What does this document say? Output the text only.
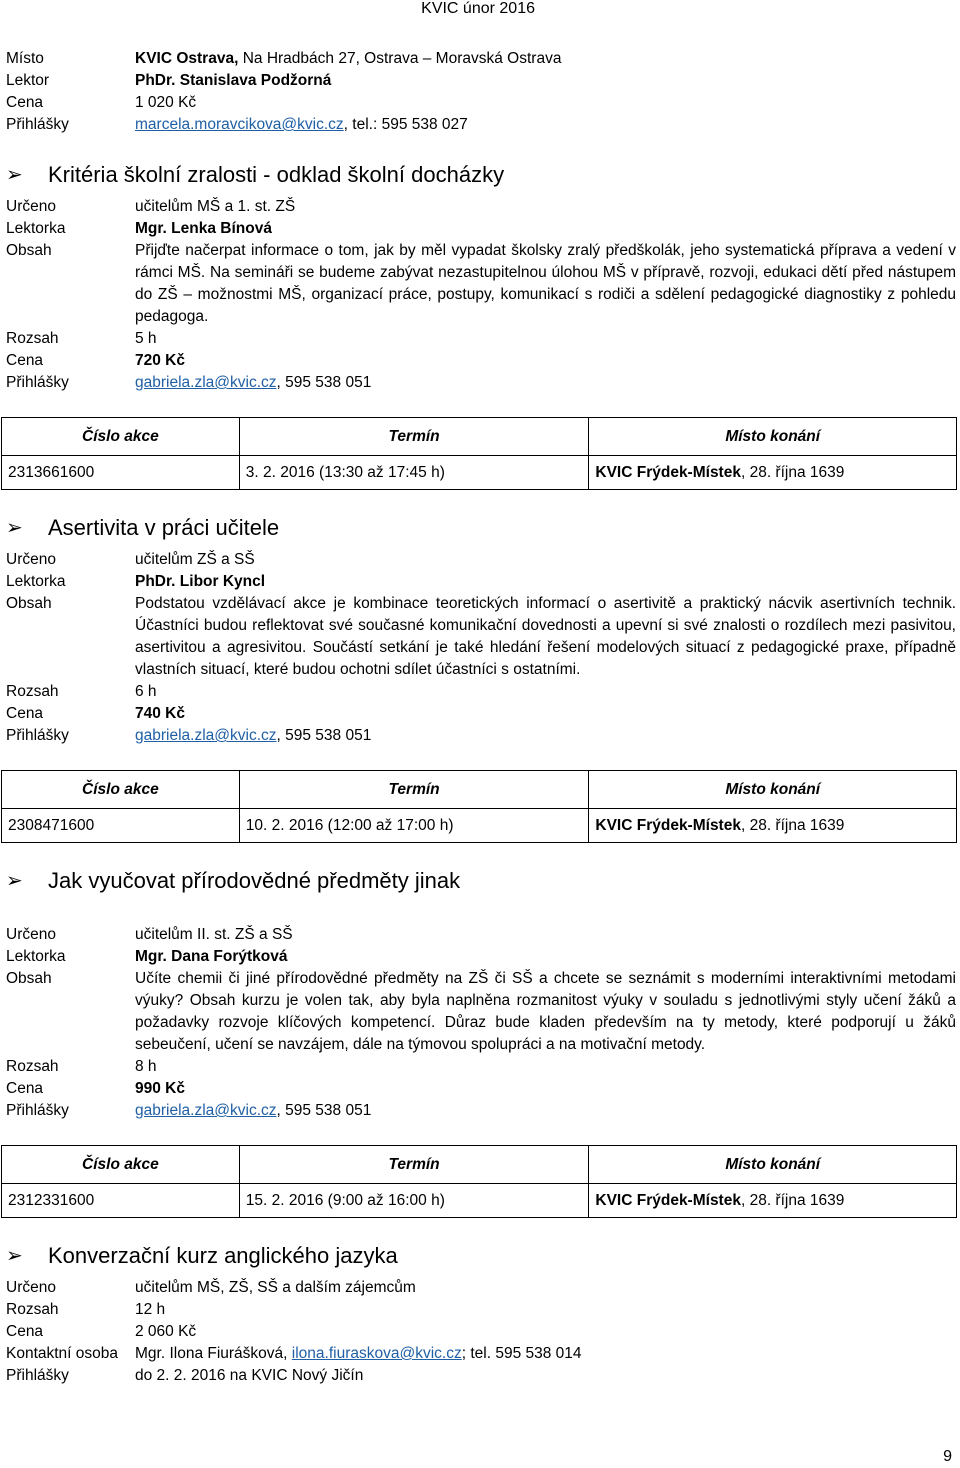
KVIC únor 2016
Místo	KVIC Ostrava, Na Hradbách 27, Ostrava – Moravská Ostrava
Lektor	PhDr. Stanislava Podžorná
Cena	1 020 Kč
Přihlášky	marcela.moravcikova@kvic.cz, tel.: 595 538 027
➢	Kritéria školní zralosti - odklad školní docházky
Určeno	učitelům MŠ a 1. st. ZŠ
Lektorka	Mgr. Lenka Bínová
Obsah	Přijďte načerpat informace o tom, jak by měl vypadat školsky zralý předškolák, jeho systematická příprava a vedení v rámci MŠ. Na semináři se budeme zabývat nezastupitelnou úlohou MŠ v přípravě, rozvoji, edukaci dětí před nástupem do ZŠ – možnostmi MŠ, organizací práce, postupy, komunikací s rodiči a sdělení pedagogické diagnostiky z pohledu pedagoga.
Rozsah	5 h
Cena	720 Kč
Přihlášky	gabriela.zla@kvic.cz, 595 538 051
Číslo akce	Termín	Místo konání
2313661600	3. 2. 2016 (13:30 až 17:45 h)	KVIC Frýdek-Místek, 28. října 1639
➢	Asertivita v práci učitele
Určeno	učitelům ZŠ a SŠ
Lektorka	PhDr. Libor Kyncl
Obsah	Podstatou vzdělávací akce je kombinace teoretických informací o asertivitě a praktický nácvik asertivních technik. Účastníci budou reflektovat své současné komunikační dovednosti a upevní si své znalosti o rozdílech mezi pasivitou, asertivitou a agresivitou. Součástí setkání je také hledání řešení modelových situací z pedagogické praxe, případně vlastních situací, které budou ochotni sdílet účastníci s ostatními.
Rozsah	6 h
Cena	740 Kč
Přihlášky	gabriela.zla@kvic.cz, 595 538 051
Číslo akce	Termín	Místo konání
2308471600	10. 2. 2016 (12:00 až 17:00 h)	KVIC Frýdek-Místek, 28. října 1639
➢	Jak vyučovat přírodovědné předměty jinak
Určeno	učitelům II. st. ZŠ a SŠ
Lektorka	Mgr. Dana Forýtková
Obsah	Učíte chemii či jiné přírodovědné předměty na ZŠ či SŠ a chcete se seznámit s moderními interaktivními metodami výuky? Obsah kurzu je volen tak, aby byla naplněna rozmanitost výuky v souladu s jednotlivými styly učení žáků a požadavky rozvoje klíčových kompetencí. Důraz bude kladen především na ty metody, které podporují u žáků sebeučení, učení se navzájem, dále na týmovou spolupráci a na motivační metody.
Rozsah	8 h
Cena	990 Kč
Přihlášky	gabriela.zla@kvic.cz, 595 538 051
Číslo akce	Termín	Místo konání
2312331600	15. 2. 2016 (9:00 až 16:00 h)	KVIC Frýdek-Místek, 28. října 1639
➢	Konverzační kurz anglického jazyka
Určeno	učitelům MŠ, ZŠ, SŠ a dalším zájemcům
Rozsah	12 h
Cena	2 060 Kč
Kontaktní osoba	Mgr. Ilona Fiurášková, ilona.fiuraskova@kvic.cz; tel. 595 538 014
Přihlášky	do 2. 2. 2016 na KVIC Nový Jičín
9
